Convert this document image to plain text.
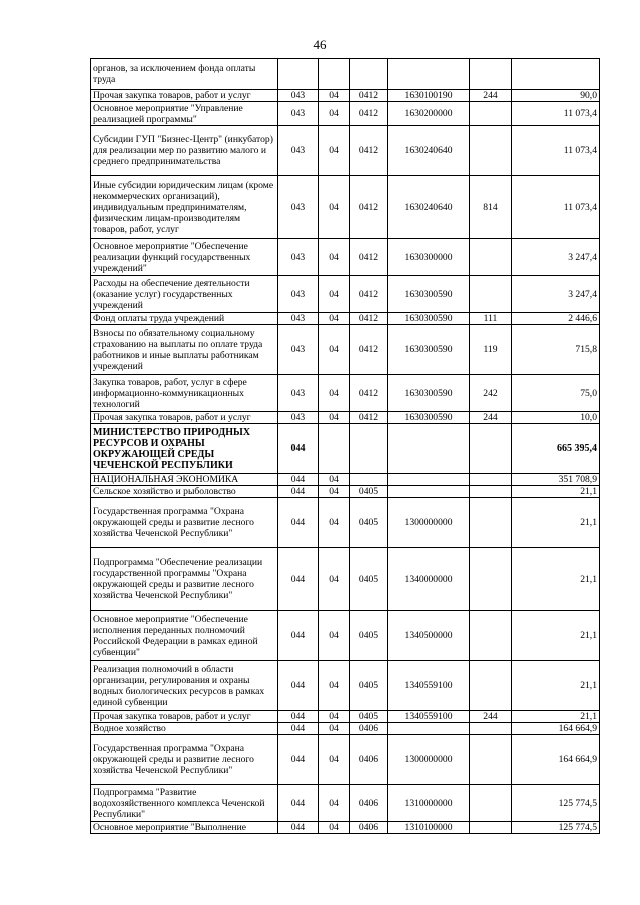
46
органов, за исключением фонда оплаты труда						
Прочая закупка товаров, работ и услуг	043	04	0412	1630100190	244	90,0
Основное мероприятие "Управление реализацией программы"	043	04	0412	1630200000		11 073,4
Субсидии ГУП "Бизнес-Центр" (инкубатор) для реализации мер по развитию малого и среднего предпринимательства	043	04	0412	1630240640		11 073,4
Иные субсидии юридическим лицам (кроме некоммерческих организаций), индивидуальным предпринимателям, физическим лицам-производителям товаров, работ, услуг	043	04	0412	1630240640	814	11 073,4
Основное мероприятие "Обеспечение реализации функций государственных учреждений"	043	04	0412	1630300000		3 247,4
Расходы на обеспечение деятельности (оказание услуг) государственных учреждений	043	04	0412	1630300590		3 247,4
Фонд оплаты труда учреждений	043	04	0412	1630300590	111	2 446,6
Взносы по обязательному социальному страхованию на выплаты по оплате труда работников и иные выплаты работникам учреждений	043	04	0412	1630300590	119	715,8
Закупка товаров, работ, услуг в сфере информационно-коммуникационных технологий	043	04	0412	1630300590	242	75,0
Прочая закупка товаров, работ и услуг	043	04	0412	1630300590	244	10,0
МИНИСТЕРСТВО ПРИРОДНЫХ РЕСУРСОВ И ОХРАНЫ ОКРУЖАЮЩЕЙ СРЕДЫ ЧЕЧЕНСКОЙ РЕСПУБЛИКИ	044					665 395,4
НАЦИОНАЛЬНАЯ ЭКОНОМИКА	044	04				351 708,9
Сельское хозяйство и рыболовство	044	04	0405			21,1
Государственная программа "Охрана окружающей среды и развитие лесного хозяйства Чеченской Республики"	044	04	0405	1300000000		21,1
Подпрограмма "Обеспечение реализации государственной программы "Охрана окружающей среды и развитие лесного хозяйства Чеченской Республики"	044	04	0405	1340000000		21,1
Основное мероприятие "Обеспечение исполнения переданных полномочий Российской Федерации в рамках единой субвенции"	044	04	0405	1340500000		21,1
Реализация полномочий в области организации, регулирования и охраны водных биологических ресурсов в рамках единой субвенции	044	04	0405	1340559100		21,1
Прочая закупка товаров, работ и услуг	044	04	0405	1340559100	244	21,1
Водное хозяйство	044	04	0406			164 664,9
Государственная программа "Охрана окружающей среды и развитие лесного хозяйства Чеченской Республики"	044	04	0406	1300000000		164 664,9
Подпрограмма "Развитие водохозяйственного комплекса Чеченской Республики"	044	04	0406	1310000000		125 774,5
Основное мероприятие "Выполнение	044	04	0406	1310100000		125 774,5
